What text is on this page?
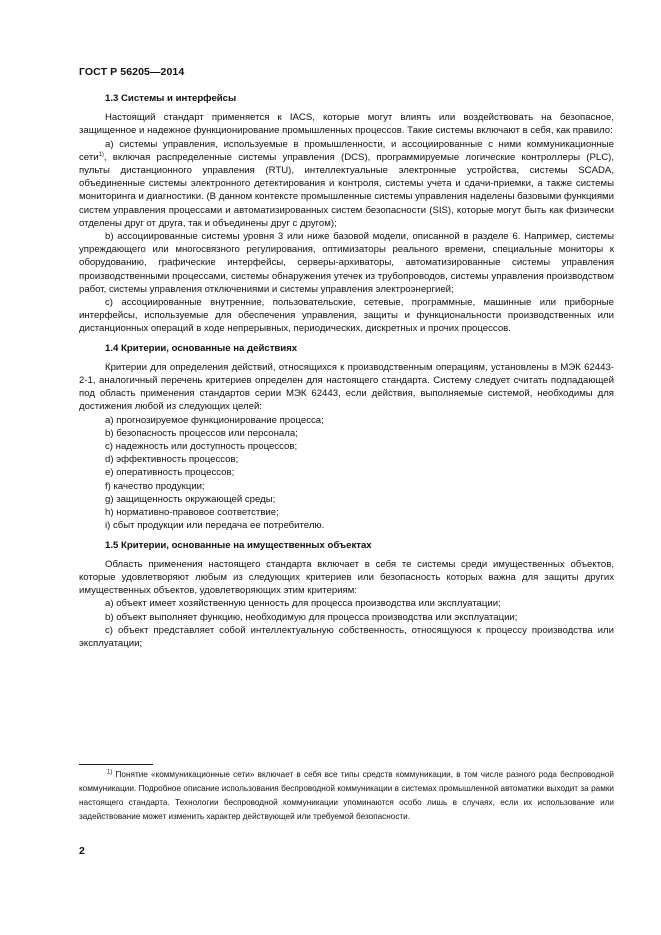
ГОСТ Р 56205—2014
1.3 Системы и интерфейсы

Настоящий стандарт применяется к IACS, которые могут влиять или воздействовать на безопасное, защищенное и надежное функционирование промышленных процессов. Такие системы включают в себя, как правило:

a) системы управления, используемые в промышленности, и ассоциированные с ними коммуникационные сети$^{1)}$, включая распределенные системы управления (DCS), программируемые логические контроллеры (PLC), пульты дистанционного управления (RTU), интеллектуальные электронные устройства, системы SCADA, объединенные системы электронного детектирования и контроля, системы учета и сдачи-приемки, а также системы мониторинга и диагностики. (В данном контексте промышленные системы управления наделены базовыми функциями систем управления процессами и автоматизированных систем безопасности (SIS), которые могут быть как физически отделены друг от друга, так и объединены друг с другом);

b) ассоциированные системы уровня 3 или ниже базовой модели, описанной в разделе 6. Например, системы упреждающего или многосвязного регулирования, оптимизаторы реального времени, специальные мониторы к оборудованию, графические интерфейсы, серверы-архиваторы, автоматизированные системы управления производственными процессами, системы обнаружения утечек из трубопроводов, системы управления производством работ, системы управления отключениями и системы управления электроэнергией;

c) ассоциированные внутренние, пользовательские, сетевые, программные, машинные или приборные интерфейсы, используемые для обеспечения управления, защиты и функциональности производственных или дистанционных операций в ходе непрерывных, периодических, дискретных и прочих процессов.

1.4 Критерии, основанные на действиях

Критерии для определения действий, относящихся к производственным операциям, установлены в МЭК 62443-2-1, аналогичный перечень критериев определен для настоящего стандарта. Систему следует считать подпадающей под область применения стандартов серии МЭК 62443, если действия, выполняемые системой, необходимы для достижения любой из следующих целей:

a) прогнозируемое функционирование процесса;

b) безопасность процессов или персонала;

c) надежность или доступность процессов;

d) эффективность процессов;

e) оперативность процессов;

f) качество продукции;

g) защищенность окружающей среды;

h) нормативно-правовое соответствие;

i) сбыт продукции или передача ее потребителю.

1.5 Критерии, основанные на имущественных объектах

Область применения настоящего стандарта включает в себя те системы среди имущественных объектов, которые удовлетворяют любым из следующих критериев или безопасность которых важна для защиты других имущественных объектов, удовлетворяющих этим критериям:

a) объект имеет хозяйственную ценность для процесса производства или эксплуатации;

b) объект выполняет функцию, необходимую для процесса производства или эксплуатации;

c) объект представляет собой интеллектуальную собственность, относящуюся к процессу производства или эксплуатации;

$^{1)}$ Понятие «коммуникационные сети» включает в себя все типы средств коммуникации, в том числе разного рода беспроводной коммуникации. Подробное описание использования беспроводной коммуникации в системах промышленной автоматики выходит за рамки настоящего стандарта. Технологии беспроводной коммуникации упоминаются особо лишь в случаях, если их использование или задействование может изменить характер действующей или требуемой безопасности.
2
